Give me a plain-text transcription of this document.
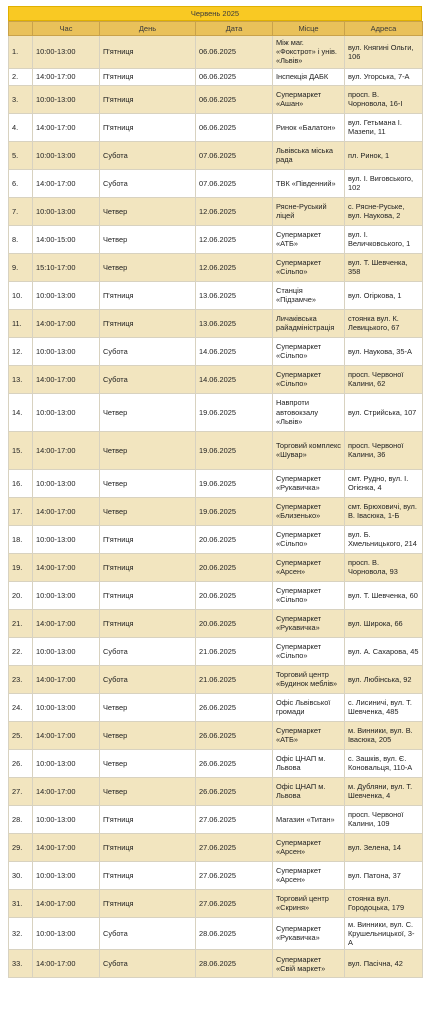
Червень 2025
	Час	День	Дата	Місце	Адреса
1.	10:00-13:00	П'ятниця	06.06.2025	Між маг. «Фокстрот» і унів. «Львів»	вул. Княгині Ольги, 106
2.	14:00-17:00	П'ятниця	06.06.2025	Інспекція ДАБК	вул. Угорська, 7-А
3.	10:00-13:00	П'ятниця	06.06.2025	Супермаркет «Ашан»	просп. В. Чорновола, 16-І
4.	14:00-17:00	П'ятниця	06.06.2025	Ринок «Балатон»	вул. Гетьмана І. Мазепи, 11
5.	10:00-13:00	Субота	07.06.2025	Львівська міська рада	пл. Ринок, 1
6.	14:00-17:00	Субота	07.06.2025	ТВК «Південний»	вул. І. Виговського, 102
7.	10:00-13:00	Четвер	12.06.2025	Рясне-Руський ліцей	с. Рясне-Руське, вул. Наукова, 2
8.	14:00-15:00	Четвер	12.06.2025	Супермаркет «АТБ»	вул. І. Величковського, 1
9.	15:10-17:00	Четвер	12.06.2025	Супермаркет «Сільпо»	вул. Т. Шевченка, 358
10.	10:00-13:00	П'ятниця	13.06.2025	Станція «Підзамче»	вул. Огіркова, 1
11.	14:00-17:00	П'ятниця	13.06.2025	Личаківська райадміністрація	стоянка вул. К. Левицького, 67
12.	10:00-13:00	Субота	14.06.2025	Супермаркет «Сільпо»	вул. Наукова, 35-А
13.	14:00-17:00	Субота	14.06.2025	Супермаркет «Сільпо»	просп. Червоної Калини, 62
14.	10:00-13:00	Четвер	19.06.2025	Навпроти автовокзалу «Львів»	вул. Стрийська, 107
15.	14:00-17:00	Четвер	19.06.2025	Торговий комплекс «Шувар»	просп. Червоної Калини, 36
16.	10:00-13:00	Четвер	19.06.2025	Супермаркет «Рукавичка»	смт. Рудно, вул. І. Огієнка, 4
17.	14:00-17:00	Четвер	19.06.2025	Супермаркет «Близенько»	смт. Брюховичі, вул. В. Івасюка, 1-Б
18.	10:00-13:00	П'ятниця	20.06.2025	Супермаркет «Сільпо»	вул. Б. Хмельницького, 214
19.	14:00-17:00	П'ятниця	20.06.2025	Супермаркет «Арсен»	просп. В. Чорновола, 93
20.	10:00-13:00	П'ятниця	20.06.2025	Супермаркет «Сільпо»	вул. Т. Шевченка, 60
21.	14:00-17:00	П'ятниця	20.06.2025	Супермаркет «Рукавичка»	вул. Широка, 66
22.	10:00-13:00	Субота	21.06.2025	Супермаркет «Сільпо»	вул. А. Сахарова, 45
23.	14:00-17:00	Субота	21.06.2025	Торговий центр «Будинок меблів»	вул. Любінська, 92
24.	10:00-13:00	Четвер	26.06.2025	Офіс Львівської громади	с. Лисиничі, вул. Т. Шевченка, 485
25.	14:00-17:00	Четвер	26.06.2025	Супермаркет «АТБ»	м. Винники, вул. В. Івасюка, 205
26.	10:00-13:00	Четвер	26.06.2025	Офіс ЦНАП м. Львова	с. Зашків, вул. Є. Коновальця, 110-А
27.	14:00-17:00	Четвер	26.06.2025	Офіс ЦНАП м. Львова	м. Дубляни, вул. Т. Шевченка, 4
28.	10:00-13:00	П'ятниця	27.06.2025	Магазин «Титан»	просп. Червоної Калини, 109
29.	14:00-17:00	П'ятниця	27.06.2025	Супермаркет «Арсен»	вул. Зелена, 14
30.	10:00-13:00	П'ятниця	27.06.2025	Супермаркет «Арсен»	вул. Патона, 37
31.	14:00-17:00	П'ятниця	27.06.2025	Торговий центр «Скриня»	стоянка вул. Городоцька, 179
32.	10:00-13:00	Субота	28.06.2025	Супермаркет «Рукавичка»	м. Винники, вул. С. Крушельницької, 3-А
33.	14:00-17:00	Субота	28.06.2025	Супермаркет «Свій маркет»	вул. Пасічна, 42
